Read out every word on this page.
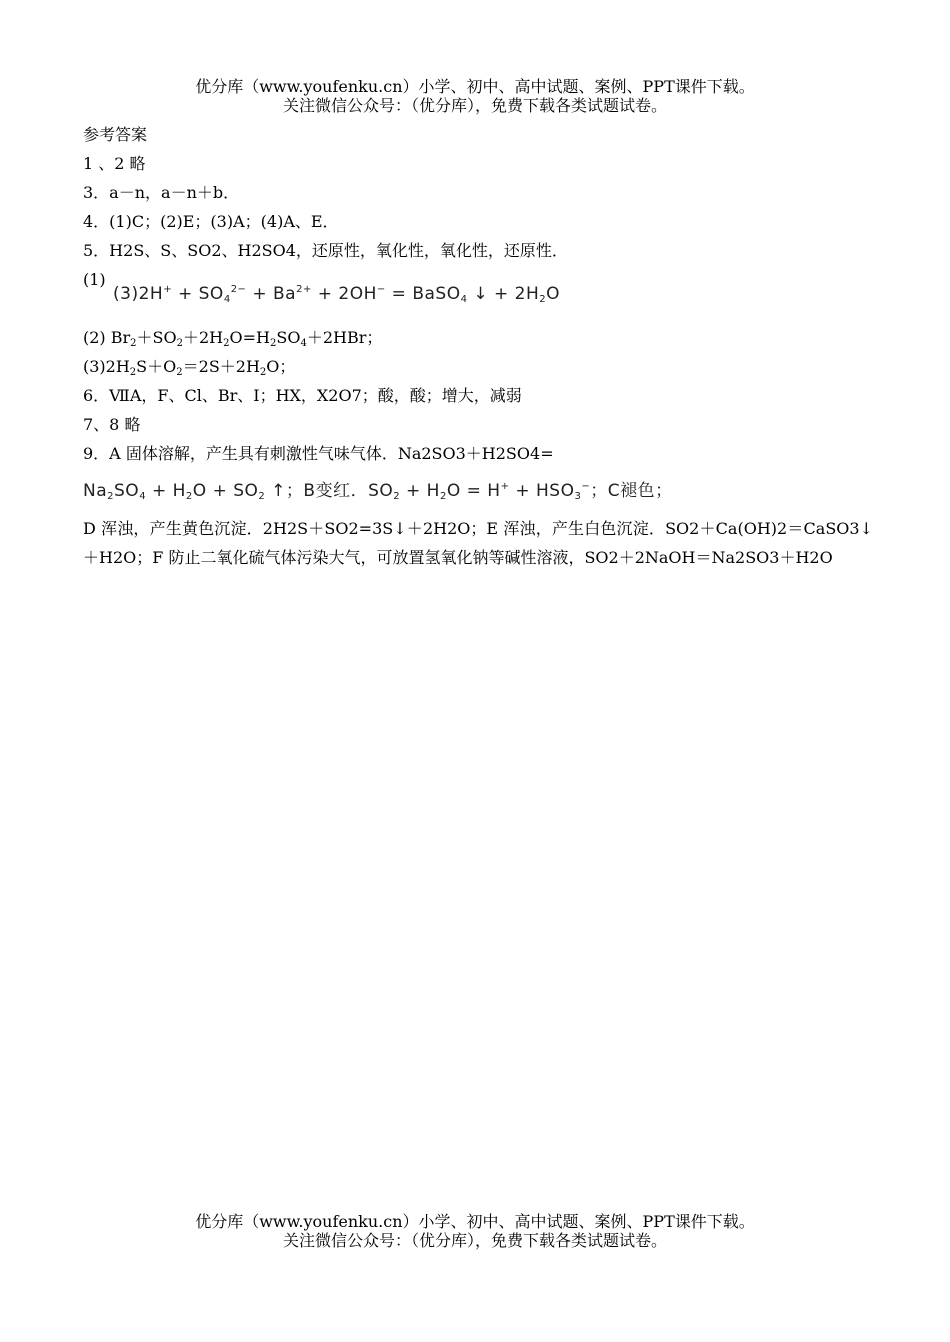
优分库（www.youfenku.cn）小学、初中、高中试题、案例、PPT课件下载。
关注微信公众号：（优分库），免费下载各类试题试卷。
参考答案
1 、2 略
3．a－n，a－n＋b．
4．(1)C；(2)E；(3)A；(4)A、E．
5．H2S、S、SO2、H2SO4，还原性，氧化性，氧化性，还原性．
$(1)(3)2H^+ + SO_4^{2-} + Ba^{2+} + 2OH^-$ = BaSO$_4$ ↓ + $2H_2O$
(2) $Br_2+SO_2+2H_2O=H_2SO_4+2HBr$；
$(3)2H_2S+O_2=2S+2H_2O$；
6．ⅦA，F、Cl、Br、I；HX，X2O7；酸，酸；增大，减弱
7、8 略
9．A 固体溶解，产生具有刺激性气味气体．Na2SO3＋H2SO4=
$Na_2SO_4 + H_2O + SO_2$ ↑；B变红．$SO_2 + H_2O = H^+ + HSO_3^-$；C褪色；
D 浑浊，产生黄色沉淀．2H2S＋SO2=3S↓＋2H2O；E 浑浊，产生白色沉淀．SO2＋Ca(OH)2＝CaSO3↓＋H2O；F 防止二氧化硫气体污染大气，可放置氢氧化钠等碱性溶液，SO2＋2NaOH＝Na2SO3＋H2O
优分库（www.youfenku.cn）小学、初中、高中试题、案例、PPT课件下载。
关注微信公众号：（优分库），免费下载各类试题试卷。
